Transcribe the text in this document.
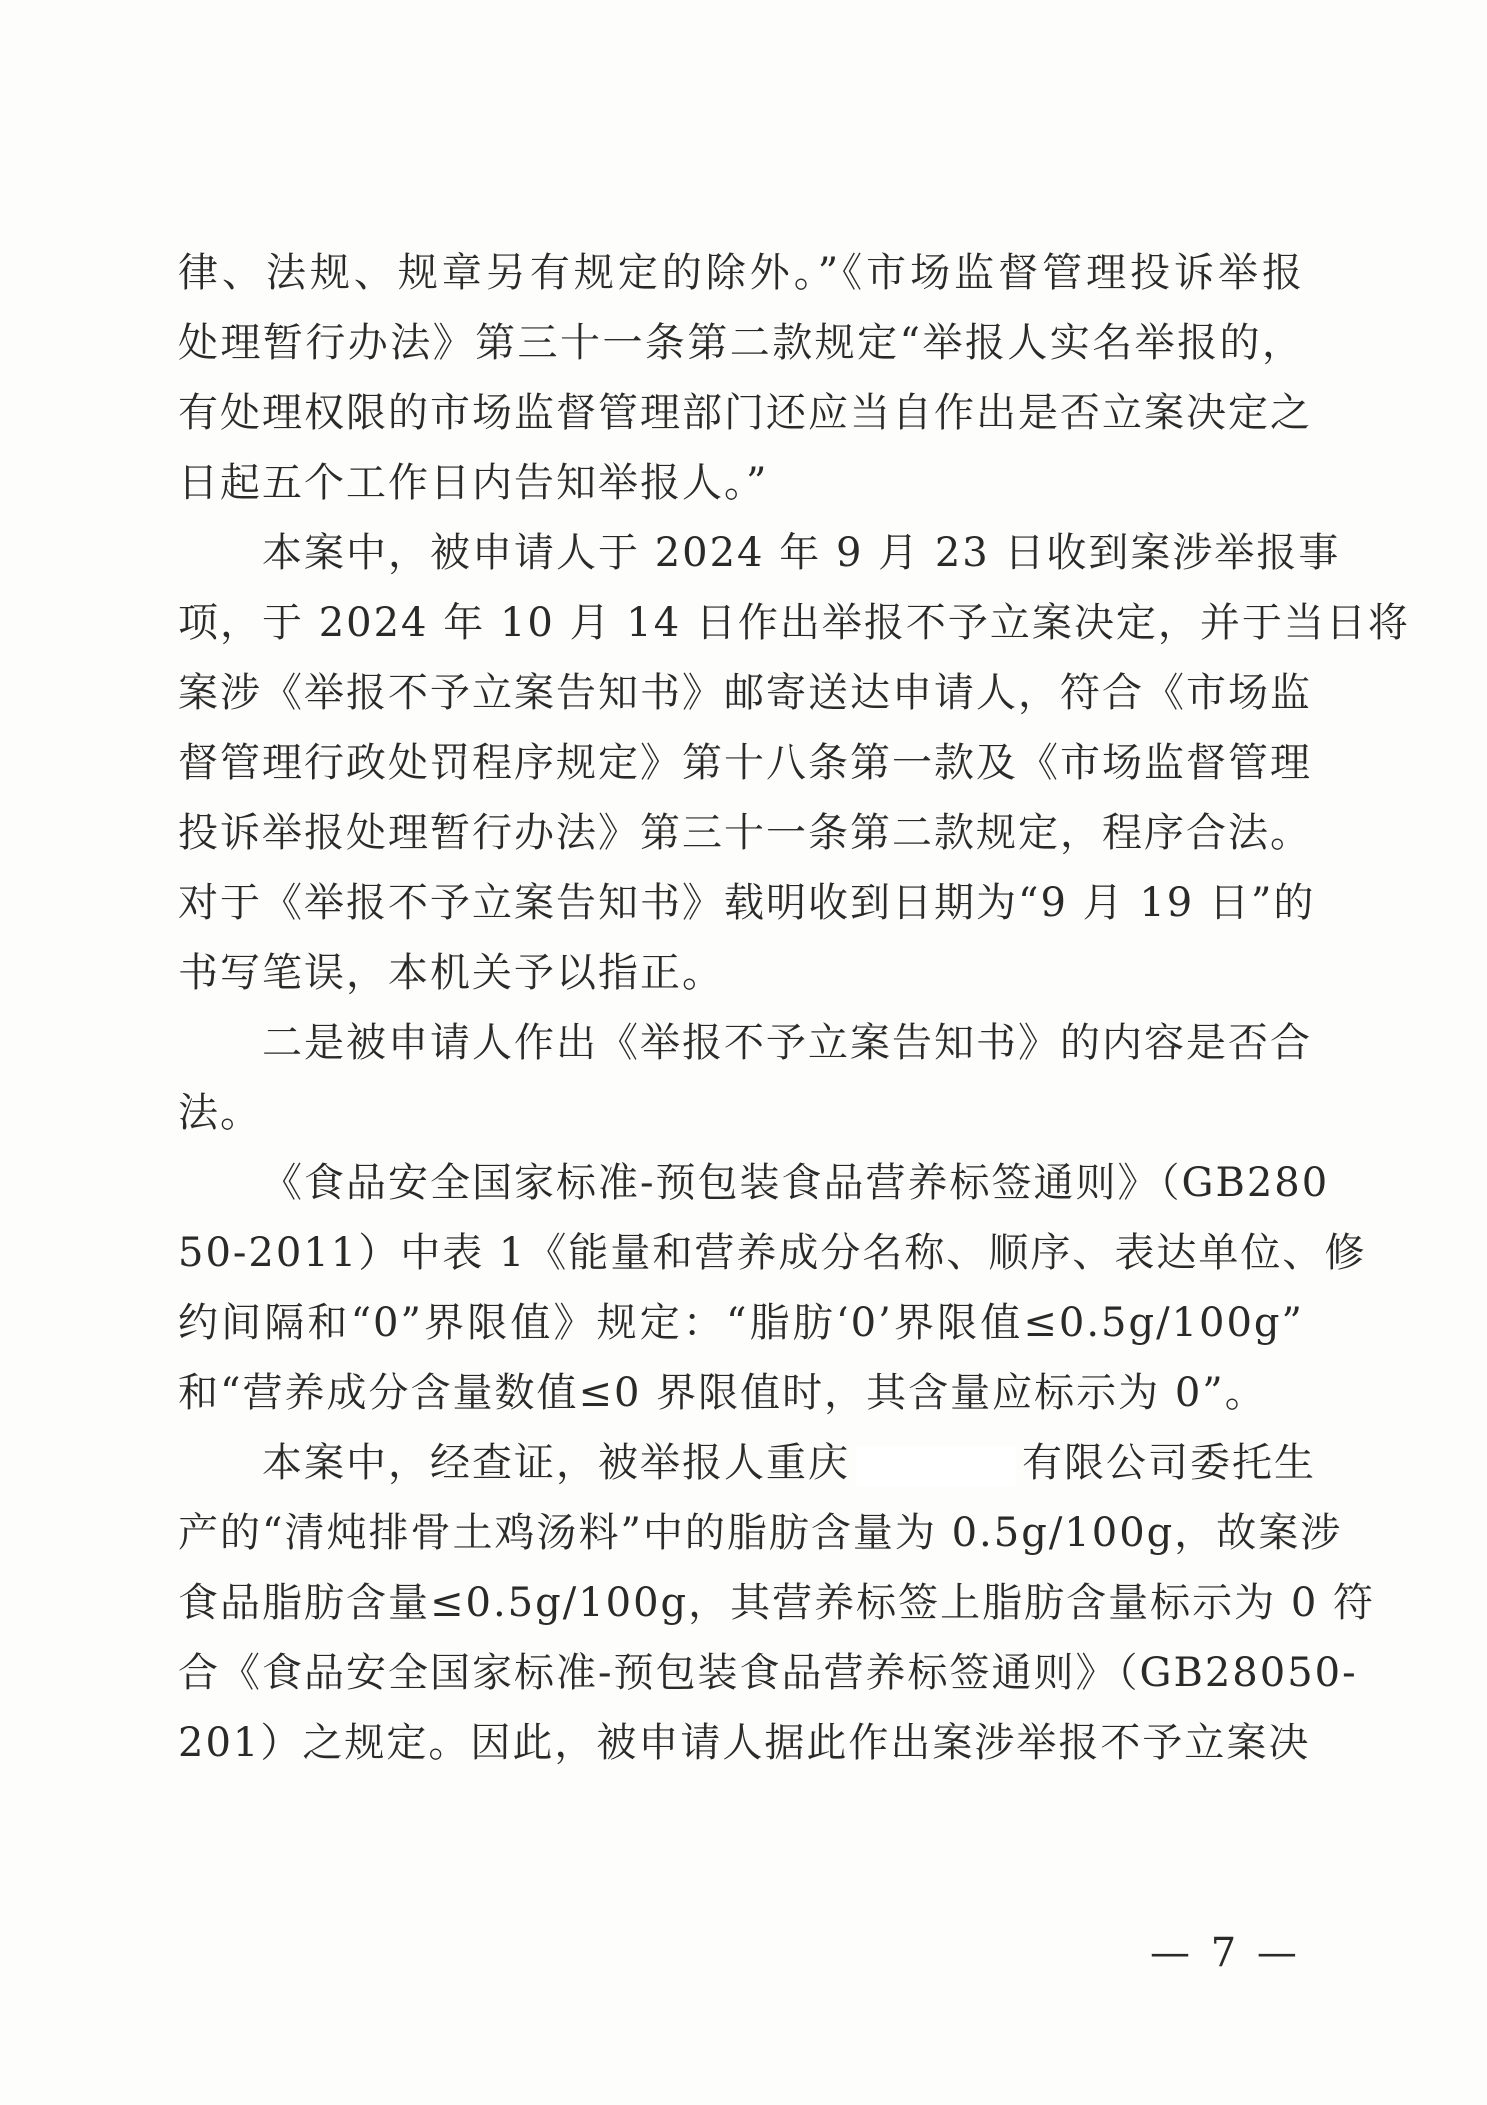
律、法规、规章另有规定的除外。”《市场监督管理投诉举报
处理暂行办法》第三十一条第二款规定“举报人实名举报的，
有处理权限的市场监督管理部门还应当自作出是否立案决定之
日起五个工作日内告知举报人。”
本案中，被申请人于 2024 年 9 月 23 日收到案涉举报事
项，于 2024 年 10 月 14 日作出举报不予立案决定，并于当日将
案涉《举报不予立案告知书》邮寄送达申请人，符合《市场监
督管理行政处罚程序规定》第十八条第一款及《市场监督管理
投诉举报处理暂行办法》第三十一条第二款规定，程序合法。
对于《举报不予立案告知书》载明收到日期为“9 月 19 日”的
书写笔误，本机关予以指正。
二是被申请人作出《举报不予立案告知书》的内容是否合
法。
《食品安全国家标准-预包装食品营养标签通则》（GB280
50-2011）中表 1《能量和营养成分名称、顺序、表达单位、修
约间隔和“0”界限值》规定：“脂肪‘0’界限值≤0.5g/100g”
和“营养成分含量数值≤0 界限值时，其含量应标示为 0”。
本案中，经查证，被举报人重庆	有限公司委托生
产的“清炖排骨土鸡汤料”中的脂肪含量为 0.5g/100g，故案涉
食品脂肪含量≤0.5g/100g，其营养标签上脂肪含量标示为 0 符
合《食品安全国家标准-预包装食品营养标签通则》（GB28050-
201）之规定。因此，被申请人据此作出案涉举报不予立案决
— 7 —
